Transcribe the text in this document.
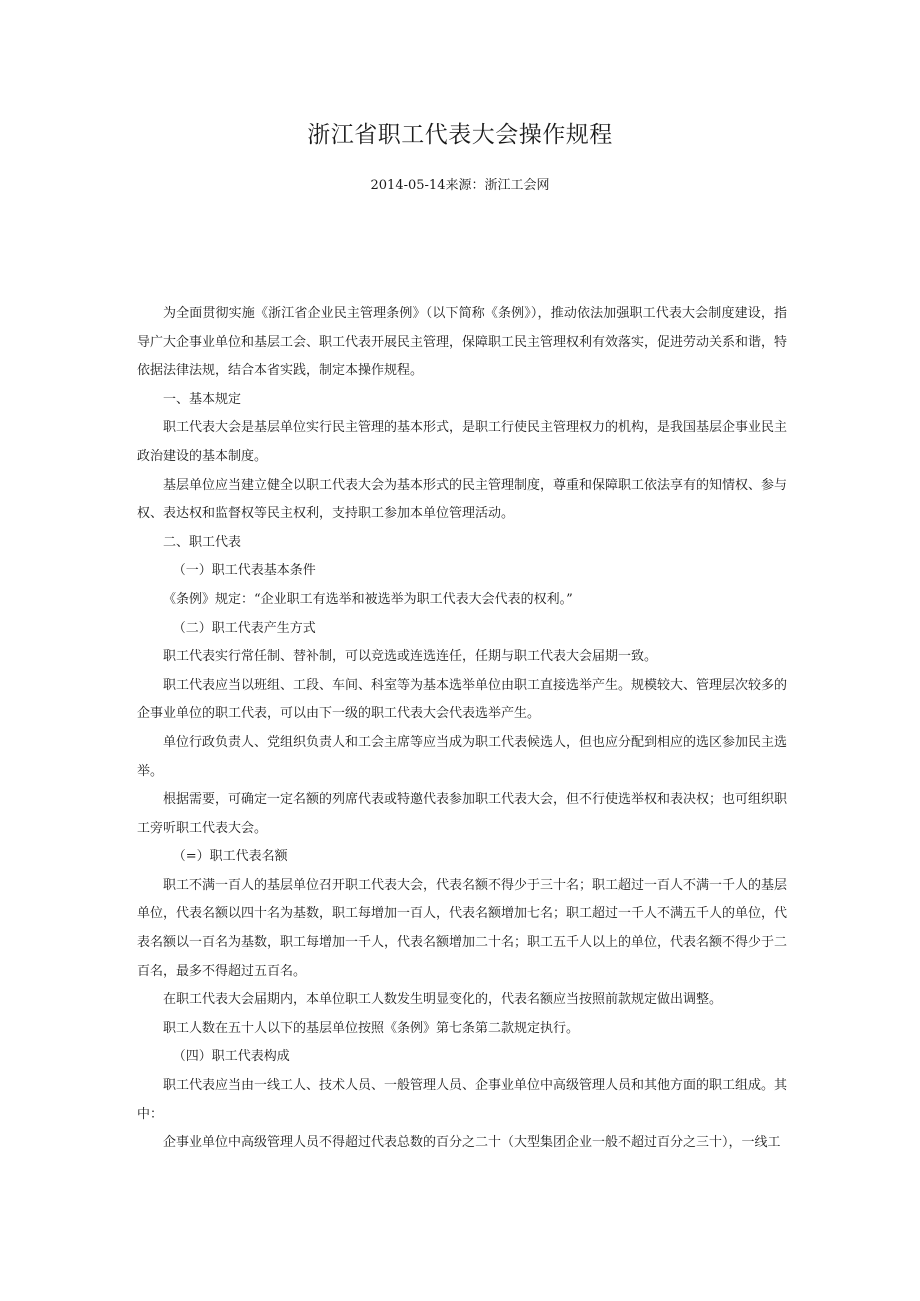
浙江省职工代表大会操作规程
2014-05-14来源：浙江工会网

为全面贯彻实施《浙江省企业民主管理条例》（以下简称《条例》），推动依法加强职工代表大会制度建设，指导广大企事业单位和基层工会、职工代表开展民主管理，保障职工民主管理权利有效落实，促进劳动关系和谐，特依据法律法规，结合本省实践，制定本操作规程。

一、基本规定

职工代表大会是基层单位实行民主管理的基本形式，是职工行使民主管理权力的机构，是我国基层企事业民主政治建设的基本制度。

基层单位应当建立健全以职工代表大会为基本形式的民主管理制度，尊重和保障职工依法享有的知情权、参与权、表达权和监督权等民主权利，支持职工参加本单位管理活动。

二、职工代表

（一）职工代表基本条件

《条例》规定：“企业职工有选举和被选举为职工代表大会代表的权利。”

（二）职工代表产生方式

职工代表实行常任制、替补制，可以竞选或连选连任，任期与职工代表大会届期一致。

职工代表应当以班组、工段、车间、科室等为基本选举单位由职工直接选举产生。规模较大、管理层次较多的企事业单位的职工代表，可以由下一级的职工代表大会代表选举产生。

单位行政负责人、党组织负责人和工会主席等应当成为职工代表候选人，但也应分配到相应的选区参加民主选举。

根据需要，可确定一定名额的列席代表或特邀代表参加职工代表大会，但不行使选举权和表决权；也可组织职工旁听职工代表大会。

（=）职工代表名额

职工不满一百人的基层单位召开职工代表大会，代表名额不得少于三十名；职工超过一百人不满一千人的基层单位，代表名额以四十名为基数，职工每增加一百人，代表名额增加七名；职工超过一千人不满五千人的单位，代表名额以一百名为基数，职工每增加一千人，代表名额增加二十名；职工五千人以上的单位，代表名额不得少于二百名，最多不得超过五百名。

在职工代表大会届期内，本单位职工人数发生明显变化的，代表名额应当按照前款规定做出调整。

职工人数在五十人以下的基层单位按照《条例》第七条第二款规定执行。

（四）职工代表构成

职工代表应当由一线工人、技术人员、一般管理人员、企事业单位中高级管理人员和其他方面的职工组成。其中：

企事业单位中高级管理人员不得超过代表总数的百分之二十（大型集团企业一般不超过百分之三十），一线工
